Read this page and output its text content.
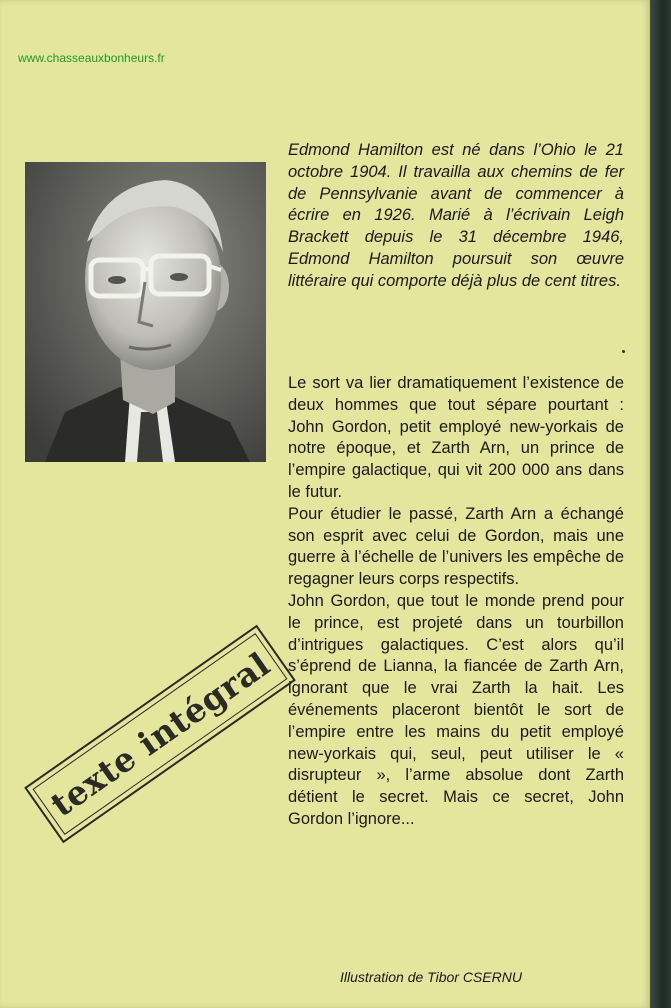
www.chasseauxbonheurs.fr
Edmond Hamilton est né dans l’Ohio le 21 octobre 1904. Il travailla aux chemins de fer de Pennsylvanie avant de commencer à écrire en 1926. Marié à l’écrivain Leigh Brackett depuis le 31 décembre 1946, Edmond Hamilton poursuit son œuvre littéraire qui comporte déjà plus de cent titres.

Le sort va lier dramatiquement l’existence de deux hommes que tout sépare pourtant : John Gordon, petit employé new-yorkais de notre époque, et Zarth Arn, un prince de l’empire galactique, qui vit 200 000 ans dans le futur.

Pour étudier le passé, Zarth Arn a échangé son esprit avec celui de Gordon, mais une guerre à l’échelle de l’univers les empêche de regagner leurs corps respectifs.

John Gordon, que tout le monde prend pour le prince, est projeté dans un tourbillon d’intrigues galactiques. C’est alors qu’il s’éprend de Lianna, la fiancée de Zarth Arn, ignorant que le vrai Zarth la hait. Les événements placeront bientôt le sort de l’empire entre les mains du petit employé new-yorkais qui, seul, peut utiliser le « disrupteur », l’arme absolue dont Zarth détient le secret. Mais ce secret, John Gordon l’ignore...

texte intégral
Illustration de Tibor CSERNU
